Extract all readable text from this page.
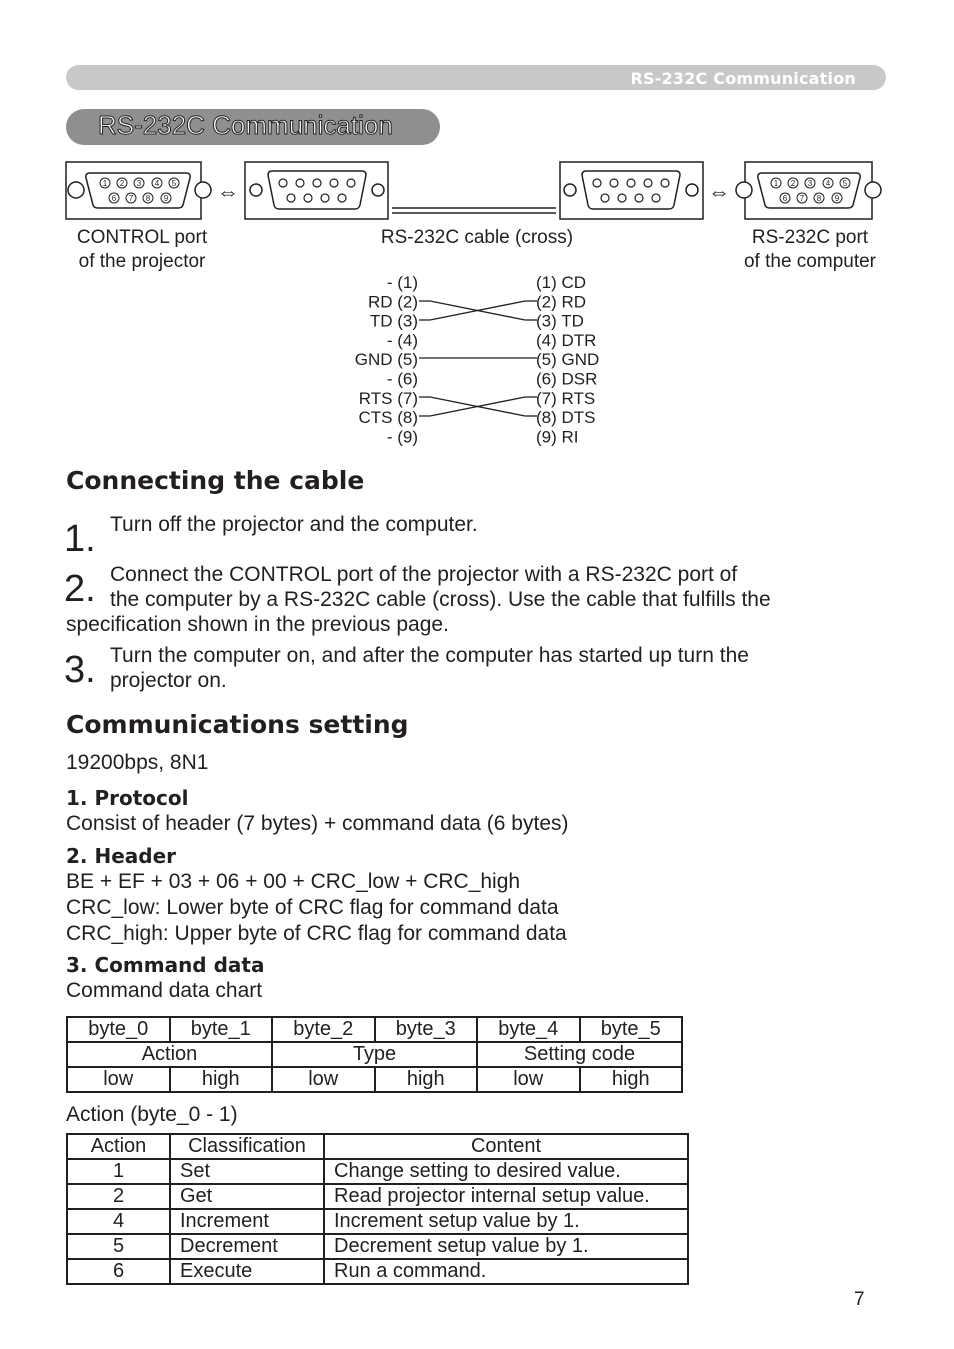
RS-232C Communication
RS-232C Communication
1 2 3 4 5
6 7 8 9 ⇔	⇔	1 2 3 4 5
6 7 8 9
- (1)
RD (2)
TD (3)
- (4)
GND (5)
- (6)
RTS (7)
CTS (8)
- (9)
(1) CD
(2) RD
(3) TD
(4) DTR
(5) GND
(6) DSR
(7) RTS
(8) DTS
(9) RI
CONTROL port
of the projector
RS-232C cable (cross)	RS-232C port
of the computer
Connecting the cable
1. Turn off the projector and the computer.
2. Connect the CONTROL port of the projector with a RS-232C port of
the computer by a RS-232C cable (cross). Use the cable that fulfills the
specification shown in the previous page.
3. Turn the computer on, and after the computer has started up turn the
projector on.
Communications setting
19200bps, 8N1
1. Protocol
Consist of header (7 bytes) + command data (6 bytes)
2. Header
BE + EF + 03 + 06 + 00 + CRC_low + CRC_high
CRC_low: Lower byte of CRC flag for command data
CRC_high: Upper byte of CRC flag for command data
3. Command data
Command data chart
byte_0	byte_1	byte_2	byte_3	byte_4	byte_5
Action		Type		Setting code	
low	high	low	high	low	high
Action (byte_0 - 1)
Action	Classification	Content
1	Set	Change setting to desired value.
2	Get	Read projector internal setup value.
4	Increment	Increment setup value by 1.
5	Decrement	Decrement setup value by 1.
6	Execute	Run a command.
7
